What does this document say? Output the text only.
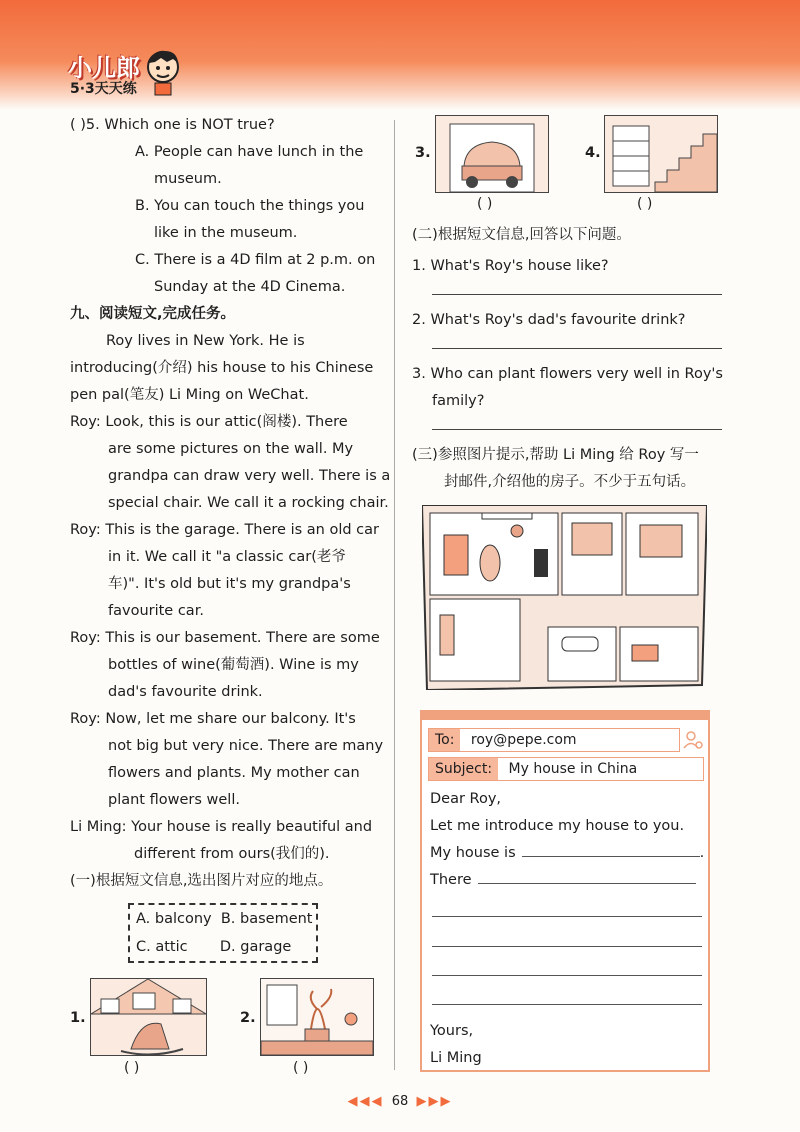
小儿郎
5·3天天练
( )5. Which one is NOT true?
A. People can have lunch in the
museum.
B. You can touch the things you
like in the museum.
C. There is a 4D film at 2 p.m. on
Sunday at the 4D Cinema.
九、阅读短文,完成任务。
Roy lives in New York. He is
introducing(介绍) his house to his Chinese
pen pal(笔友) Li Ming on WeChat.
Roy: Look, this is our attic(阁楼). There
are some pictures on the wall. My
grandpa can draw very well. There is a
special chair. We call it a rocking chair.
Roy: This is the garage. There is an old car
in it. We call it "a classic car(老爷
车)". It's old but it's my grandpa's
favourite car.
Roy: This is our basement. There are some
bottles of wine(葡萄酒). Wine is my
dad's favourite drink.
Roy: Now, let me share our balcony. It's
not big but very nice. There are many
flowers and plants. My mother can
plant flowers well.
Li Ming: Your house is really beautiful and
different from ours(我们的).
(一)根据短文信息,选出图片对应的地点。
A. balcony B. basement
C. attic D. garage
1.
( )
2.
( )
3.
( )
4.
( )
(二)根据短文信息,回答以下问题。
1. What's Roy's house like?
2. What's Roy's dad's favourite drink?
3. Who can plant flowers very well in Roy's
family?
(三)参照图片提示,帮助 Li Ming 给 Roy 写一
封邮件,介绍他的房子。不少于五句话。
To: roy@pepe.com
Subject: My house in China
Dear Roy,
Let me introduce my house to you.
My house is	.
There
Yours,
Li Ming
◀◀◀ 68 ▶▶▶
